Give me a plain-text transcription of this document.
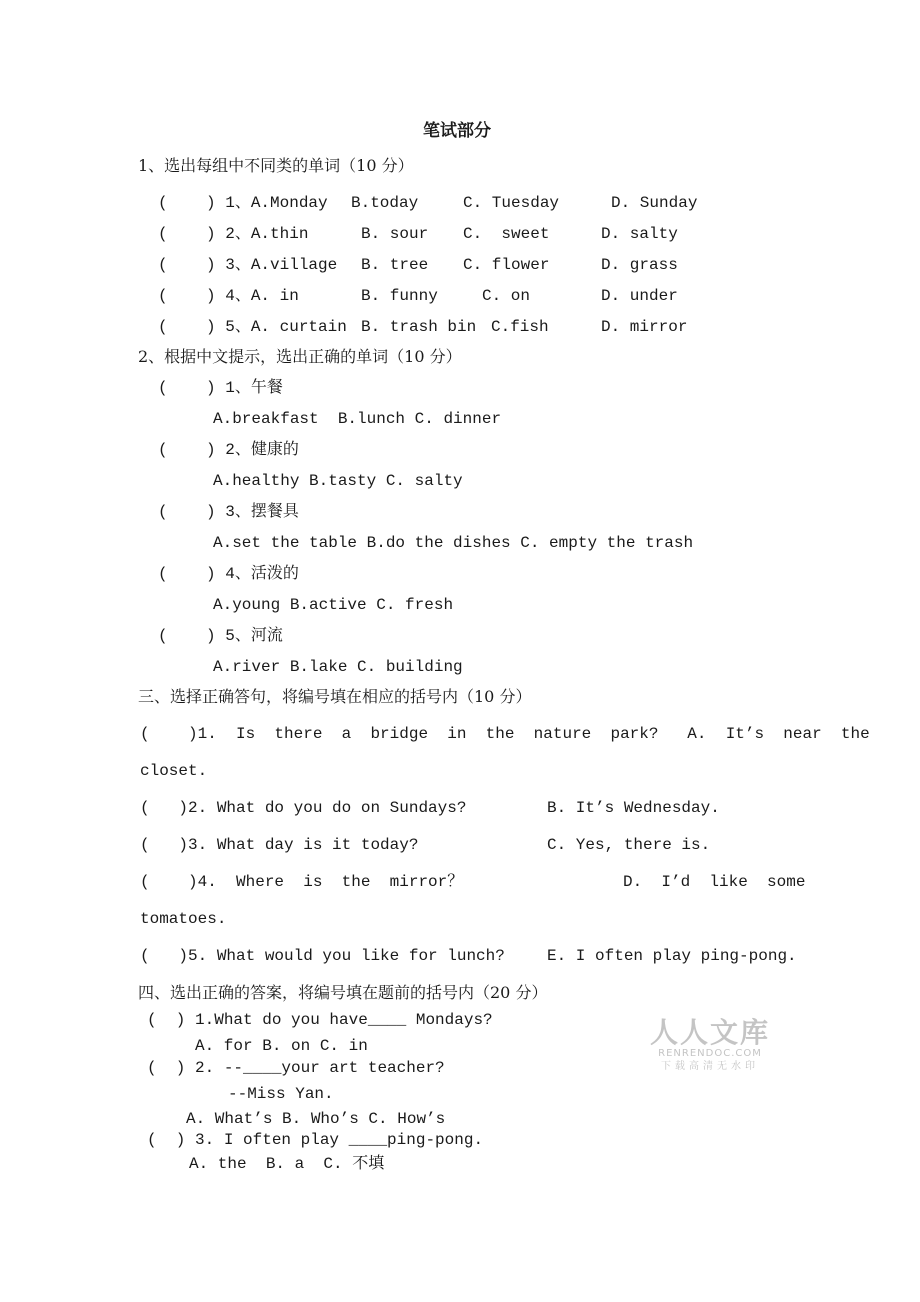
笔试部分
1、选出每组中不同类的单词（10 分）
(    ) 1、A.Monday B.today	C. Tuesday	D. Sunday
(    ) 2、A.thin	B. sour C.  sweet	D. salty
(    ) 3、A.village B. tree C. flower	D. grass
(    ) 4、A. in	B. funny	C. on	D. under
(    ) 5、A. curtain B. trash bin C.fish	D. mirror
2、根据中文提示，选出正确的单词（10 分）
(    ) 1、午餐
A.breakfast  B.lunch C. dinner
(    ) 2、健康的
A.healthy B.tasty C. salty
(    ) 3、摆餐具
A.set the table B.do the dishes C. empty the trash
(    ) 4、活泼的
A.young B.active C. fresh
(    ) 5、河流
A.river B.lake C. building
三、选择正确答句，将编号填在相应的括号内（10 分）
(    )1.  Is  there  a  bridge  in  the  nature  park?   A.  It’s  near  the
closet.
(   )2. What do you do on Sundays?	B. It’s Wednesday.
(   )3. What day is it today?	C. Yes, there is.
(    )4.  Where  is  the  mirror？	D.  I’d  like  some
tomatoes.
(   )5. What would you like for lunch?	E. I often play ping-pong.
四、选出正确的答案，将编号填在题前的括号内（20 分）
(  ) 1.What do you have____ Mondays?
A. for B. on C. in
(  ) 2. --____your art teacher?
--Miss Yan.
A. What’s B. Who’s C. How’s
(  ) 3. I often play ____ping-pong.
A. the  B. a  C. 不填
人人文库
RENRENDOC.COM
下载高清无水印
